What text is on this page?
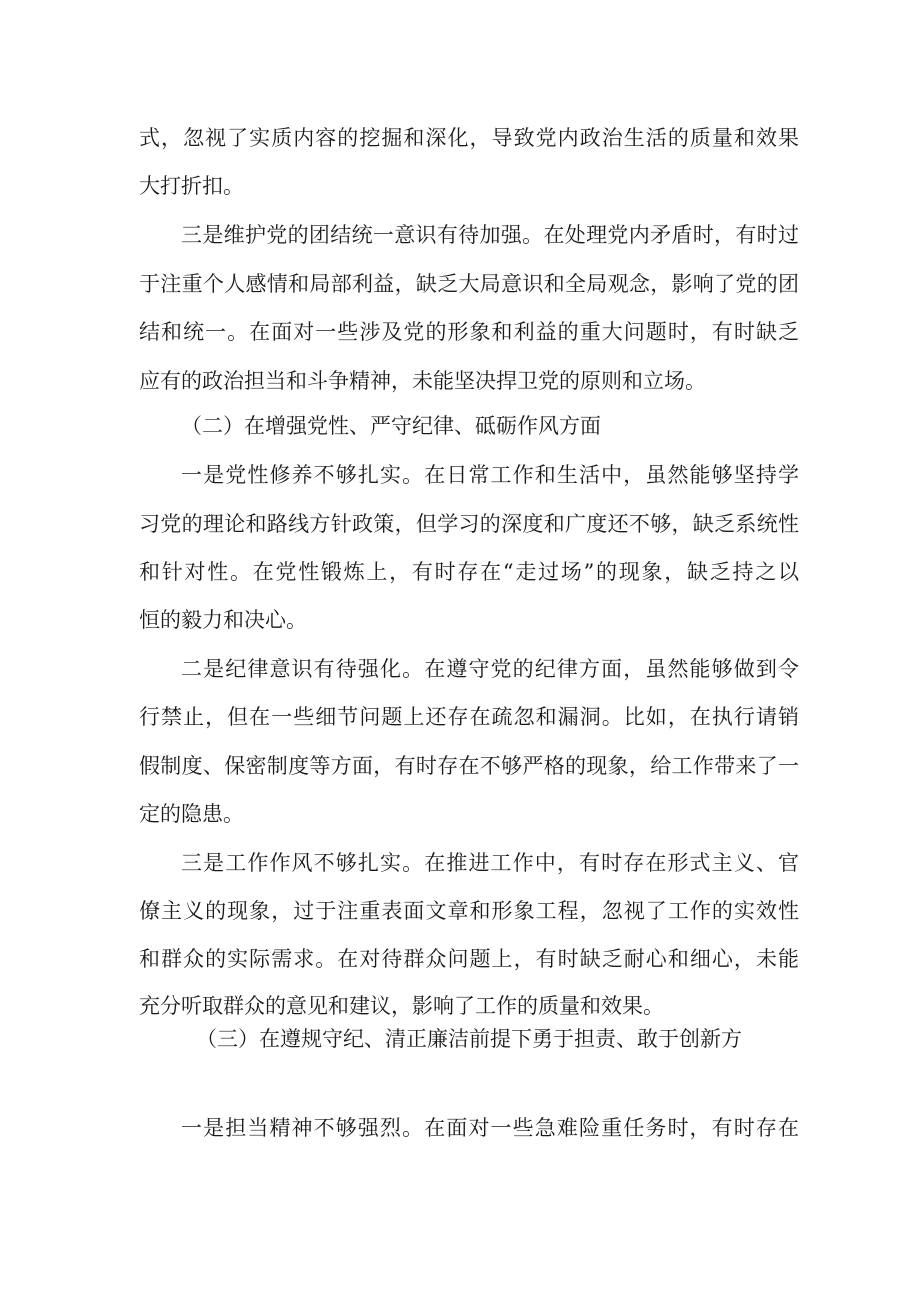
式，忽视了实质内容的挖掘和深化，导致党内政治生活的质量和效果
大打折扣。
三是维护党的团结统一意识有待加强。在处理党内矛盾时，有时过
于注重个人感情和局部利益，缺乏大局意识和全局观念，影响了党的团
结和统一。在面对一些涉及党的形象和利益的重大问题时，有时缺乏
应有的政治担当和斗争精神，未能坚决捍卫党的原则和立场。
（二）在增强党性、严守纪律、砥砺作风方面
一是党性修养不够扎实。在日常工作和生活中，虽然能够坚持学
习党的理论和路线方针政策，但学习的深度和广度还不够，缺乏系统性
和针对性。在党性锻炼上，有时存在“走过场”的现象，缺乏持之以
恒的毅力和决心。
二是纪律意识有待强化。在遵守党的纪律方面，虽然能够做到令
行禁止，但在一些细节问题上还存在疏忽和漏洞。比如，在执行请销
假制度、保密制度等方面，有时存在不够严格的现象，给工作带来了一
定的隐患。
三是工作作风不够扎实。在推进工作中，有时存在形式主义、官
僚主义的现象，过于注重表面文章和形象工程，忽视了工作的实效性
和群众的实际需求。在对待群众问题上，有时缺乏耐心和细心，未能
充分听取群众的意见和建议，影响了工作的质量和效果。
（三）在遵规守纪、清正廉洁前提下勇于担责、敢于创新方
一是担当精神不够强烈。在面对一些急难险重任务时，有时存在
